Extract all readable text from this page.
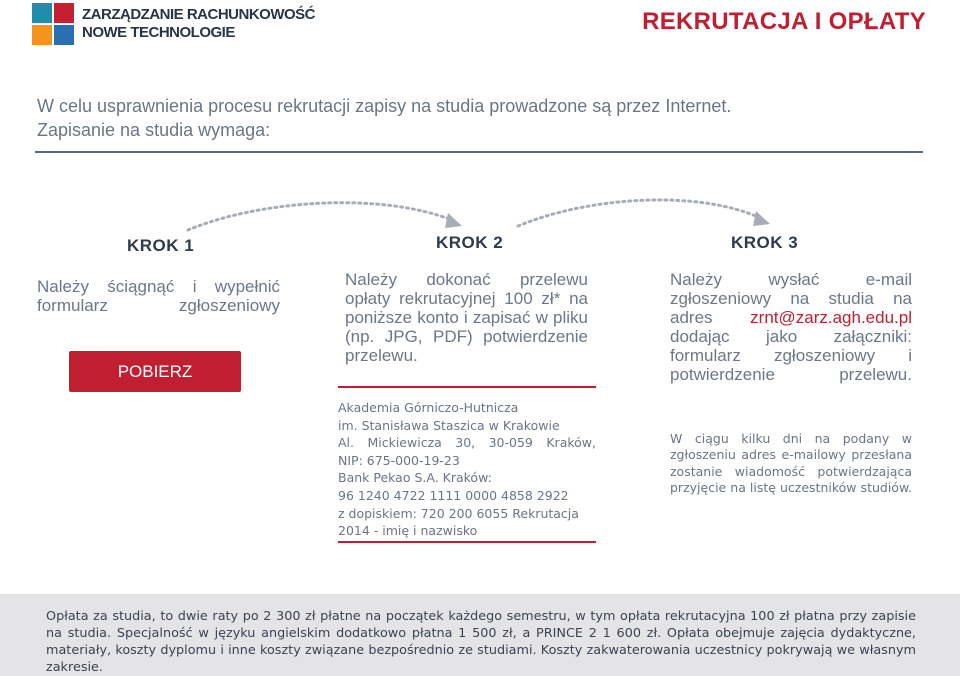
ZARZĄDZANIE RACHUNKOWOŚĆ
NOWE TECHNOLOGIE	REKRUTACJA I OPŁATY
W celu usprawnienia procesu rekrutacji zapisy na studia prowadzone są przez Internet.
Zapisanie na studia wymaga:
KROK 1
Należy ściągnąć i wypełnić formularz zgłoszeniowy
POBIERZ
KROK 2
Należy dokonać przelewu opłaty rekrutacyjnej 100 zł* na poniższe konto i zapisać w pliku (np. JPG, PDF) potwierdzenie przelewu.
Akademia Górniczo-Hutnicza
im. Stanisława Staszica w Krakowie
Al. Mickiewicza 30, 30-059 Kraków,
NIP: 675-000-19-23
Bank Pekao S.A. Kraków:
96 1240 4722 1111 0000 4858 2922
z dopiskiem: 720 200 6055 Rekrutacja
2014 - imię i nazwisko
KROK 3
Należy wysłać e-mail zgłoszeniowy na studia na adres zrnt@zarz.agh.edu.pl dodając jako załączniki: formularz zgłoszeniowy i potwierdzenie przelewu.
W ciągu kilku dni na podany w zgłoszeniu adres e-mailowy przesłana zostanie wiadomość potwierdzająca przyjęcie na listę uczestników studiów.
Opłata za studia, to dwie raty po 2 300 zł płatne na początek każdego semestru, w tym opłata rekrutacyjna 100 zł płatna przy zapisie na studia. Specjalność w języku angielskim dodatkowo płatna 1 500 zł, a PRINCE 2 1 600 zł. Opłata obejmuje zajęcia dydaktyczne, materiały, koszty dyplomu i inne koszty związane bezpośrednio ze studiami. Koszty zakwaterowania uczestnicy pokrywają we własnym zakresie.
